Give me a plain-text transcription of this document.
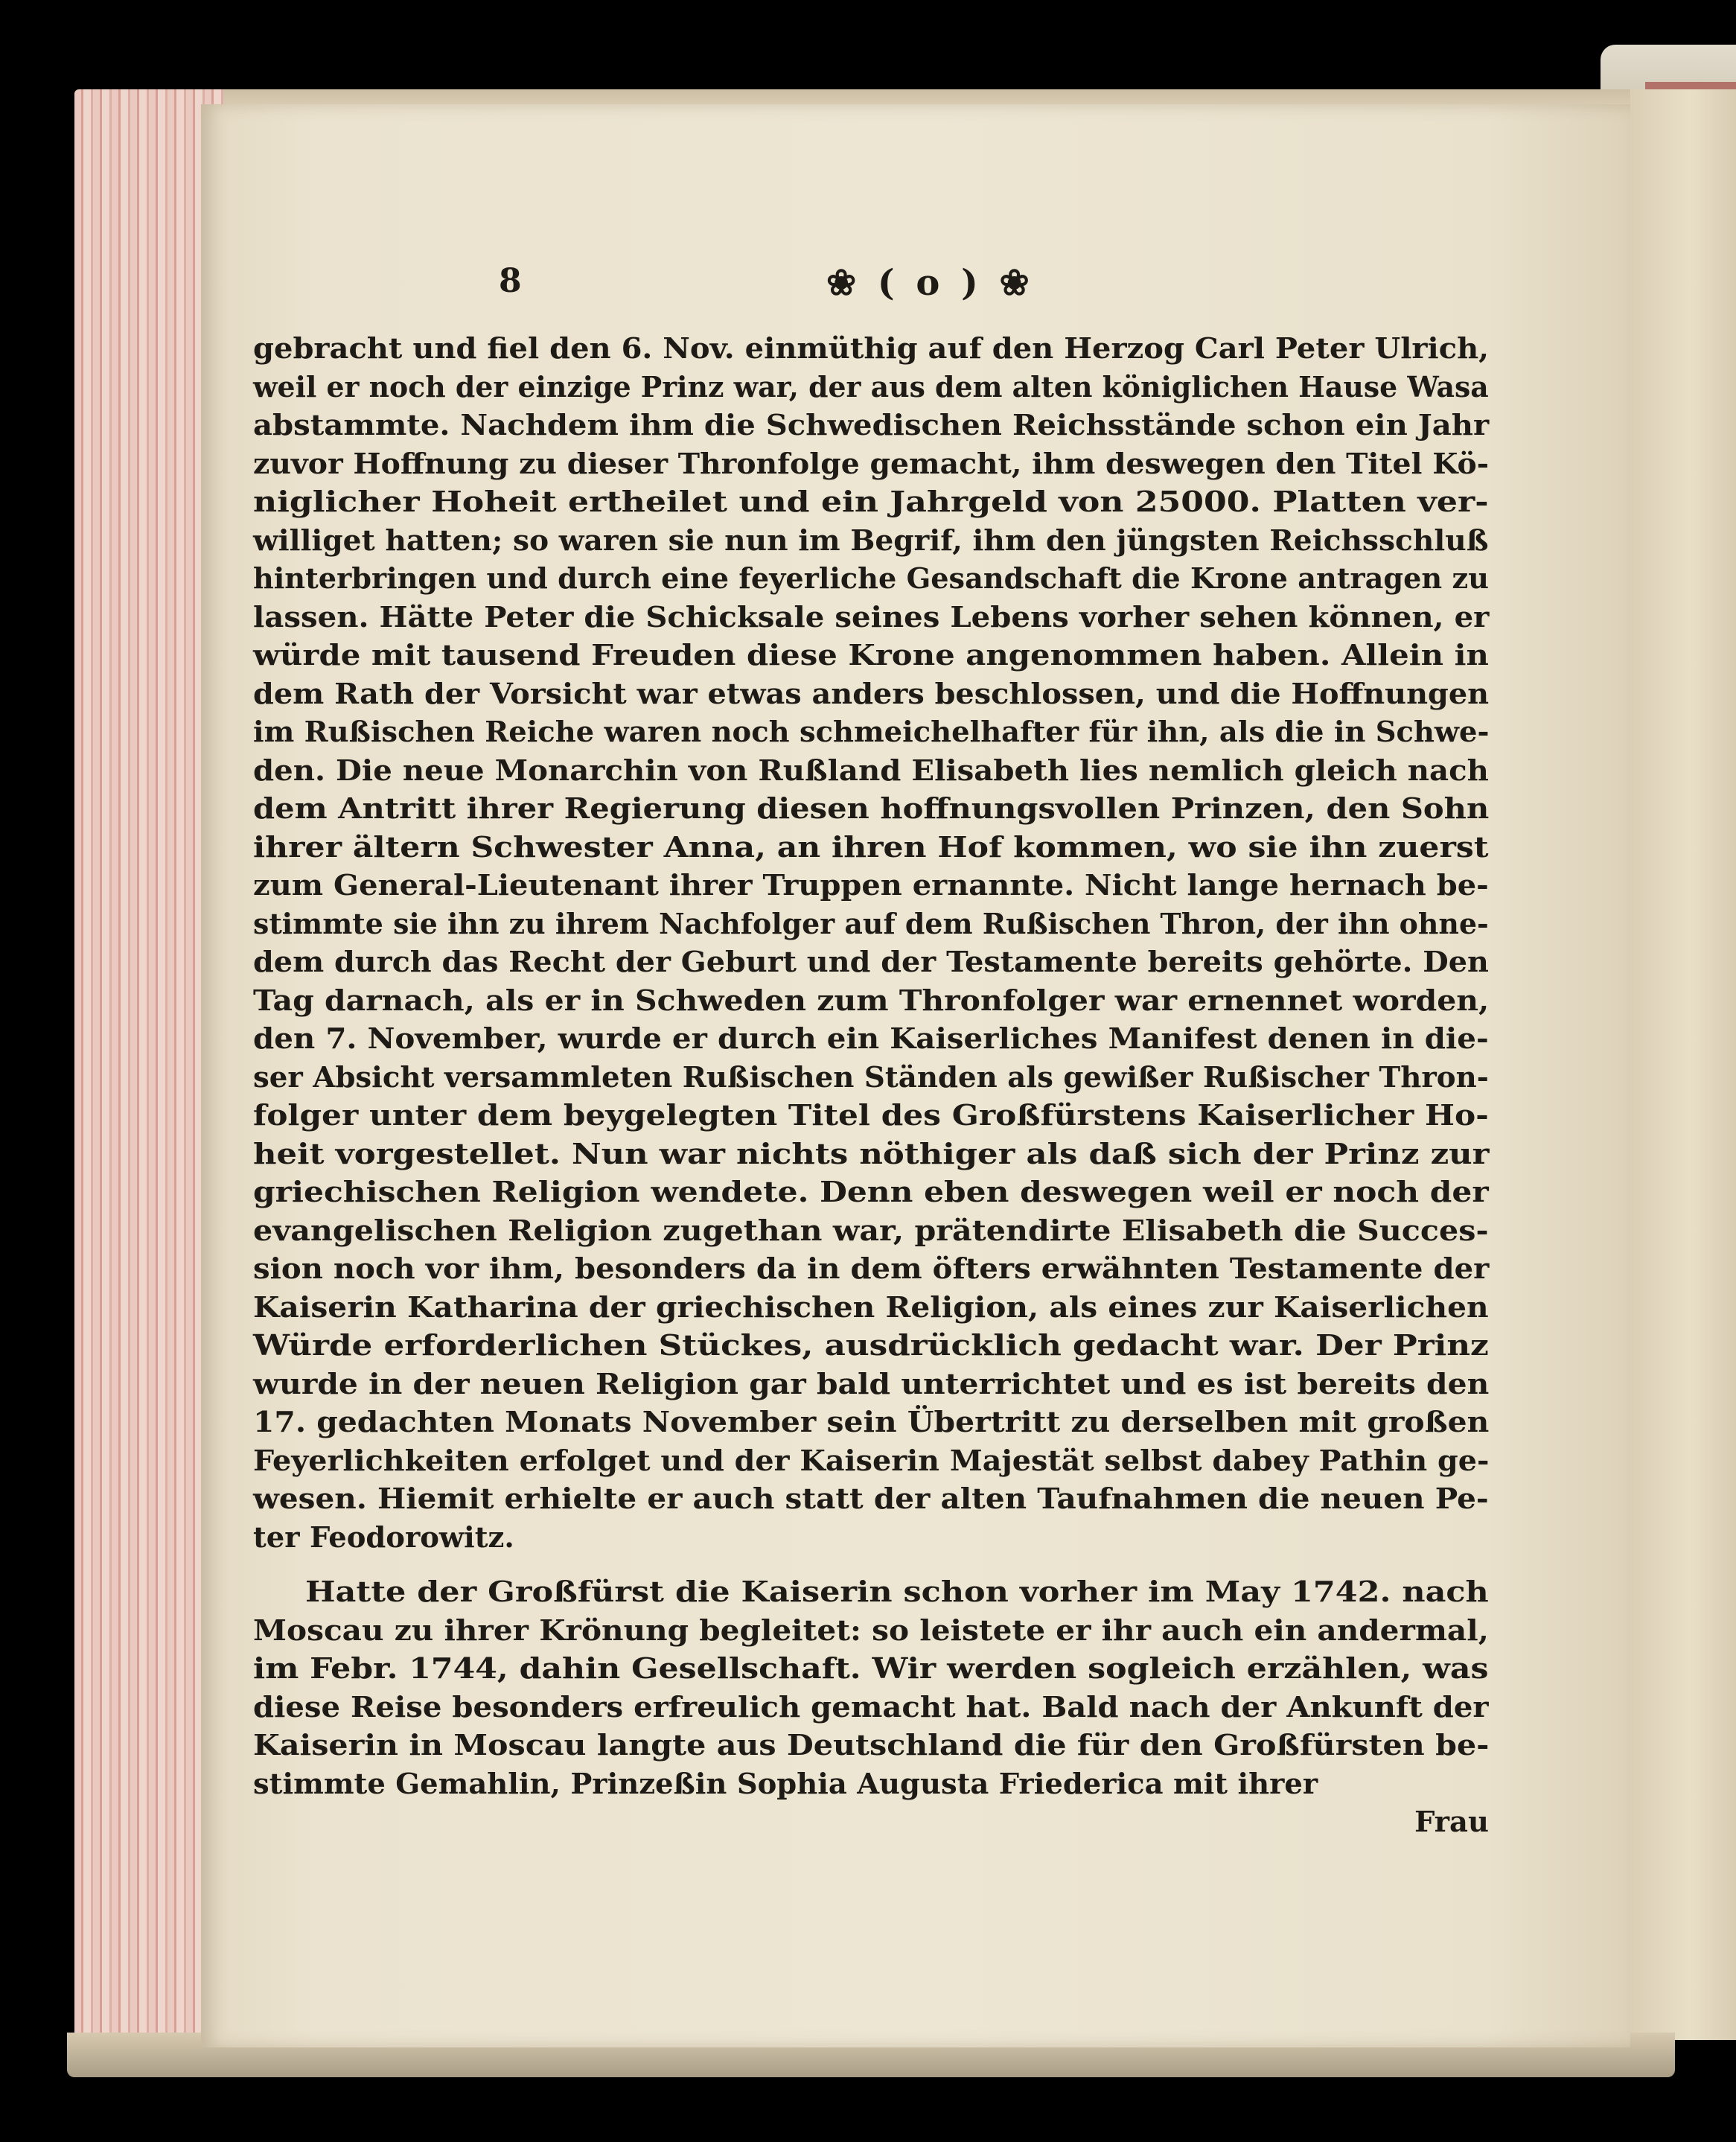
8	❀ ( o ) ❀
gebracht und fiel den 6. Nov. einmüthig auf den Herzog Carl Peter Ulrich,
weil er noch der einzige Prinz war, der aus dem alten königlichen Hause Wasa
abstammte. Nachdem ihm die Schwedischen Reichsstände schon ein Jahr
zuvor Hoffnung zu dieser Thronfolge gemacht, ihm deswegen den Titel Kö-
niglicher Hoheit ertheilet und ein Jahrgeld von 25000. Platten ver-
williget hatten; so waren sie nun im Begrif, ihm den jüngsten Reichsschluß
hinterbringen und durch eine feyerliche Gesandschaft die Krone antragen zu
lassen. Hätte Peter die Schicksale seines Lebens vorher sehen können, er
würde mit tausend Freuden diese Krone angenommen haben. Allein in
dem Rath der Vorsicht war etwas anders beschlossen, und die Hoffnungen
im Rußischen Reiche waren noch schmeichelhafter für ihn, als die in Schwe-
den. Die neue Monarchin von Rußland Elisabeth lies nemlich gleich nach
dem Antritt ihrer Regierung diesen hoffnungsvollen Prinzen, den Sohn
ihrer ältern Schwester Anna, an ihren Hof kommen, wo sie ihn zuerst
zum General-Lieutenant ihrer Truppen ernannte. Nicht lange hernach be-
stimmte sie ihn zu ihrem Nachfolger auf dem Rußischen Thron, der ihn ohne-
dem durch das Recht der Geburt und der Testamente bereits gehörte. Den
Tag darnach, als er in Schweden zum Thronfolger war ernennet worden,
den 7. November, wurde er durch ein Kaiserliches Manifest denen in die-
ser Absicht versammleten Rußischen Ständen als gewißer Rußischer Thron-
folger unter dem beygelegten Titel des Großfürstens Kaiserlicher Ho-
heit vorgestellet. Nun war nichts nöthiger als daß sich der Prinz zur
griechischen Religion wendete. Denn eben deswegen weil er noch der
evangelischen Religion zugethan war, prätendirte Elisabeth die Succes-
sion noch vor ihm, besonders da in dem öfters erwähnten Testamente der
Kaiserin Katharina der griechischen Religion, als eines zur Kaiserlichen
Würde erforderlichen Stückes, ausdrücklich gedacht war. Der Prinz
wurde in der neuen Religion gar bald unterrichtet und es ist bereits den
17. gedachten Monats November sein Übertritt zu derselben mit großen
Feyerlichkeiten erfolget und der Kaiserin Majestät selbst dabey Pathin ge-
wesen. Hiemit erhielte er auch statt der alten Taufnahmen die neuen Pe-
ter Feodorowitz.
Hatte der Großfürst die Kaiserin schon vorher im May 1742. nach
Moscau zu ihrer Krönung begleitet: so leistete er ihr auch ein andermal,
im Febr. 1744, dahin Gesellschaft. Wir werden sogleich erzählen, was
diese Reise besonders erfreulich gemacht hat. Bald nach der Ankunft der
Kaiserin in Moscau langte aus Deutschland die für den Großfürsten be-
stimmte Gemahlin, Prinzeßin Sophia Augusta Friederica mit ihrer
Frau
